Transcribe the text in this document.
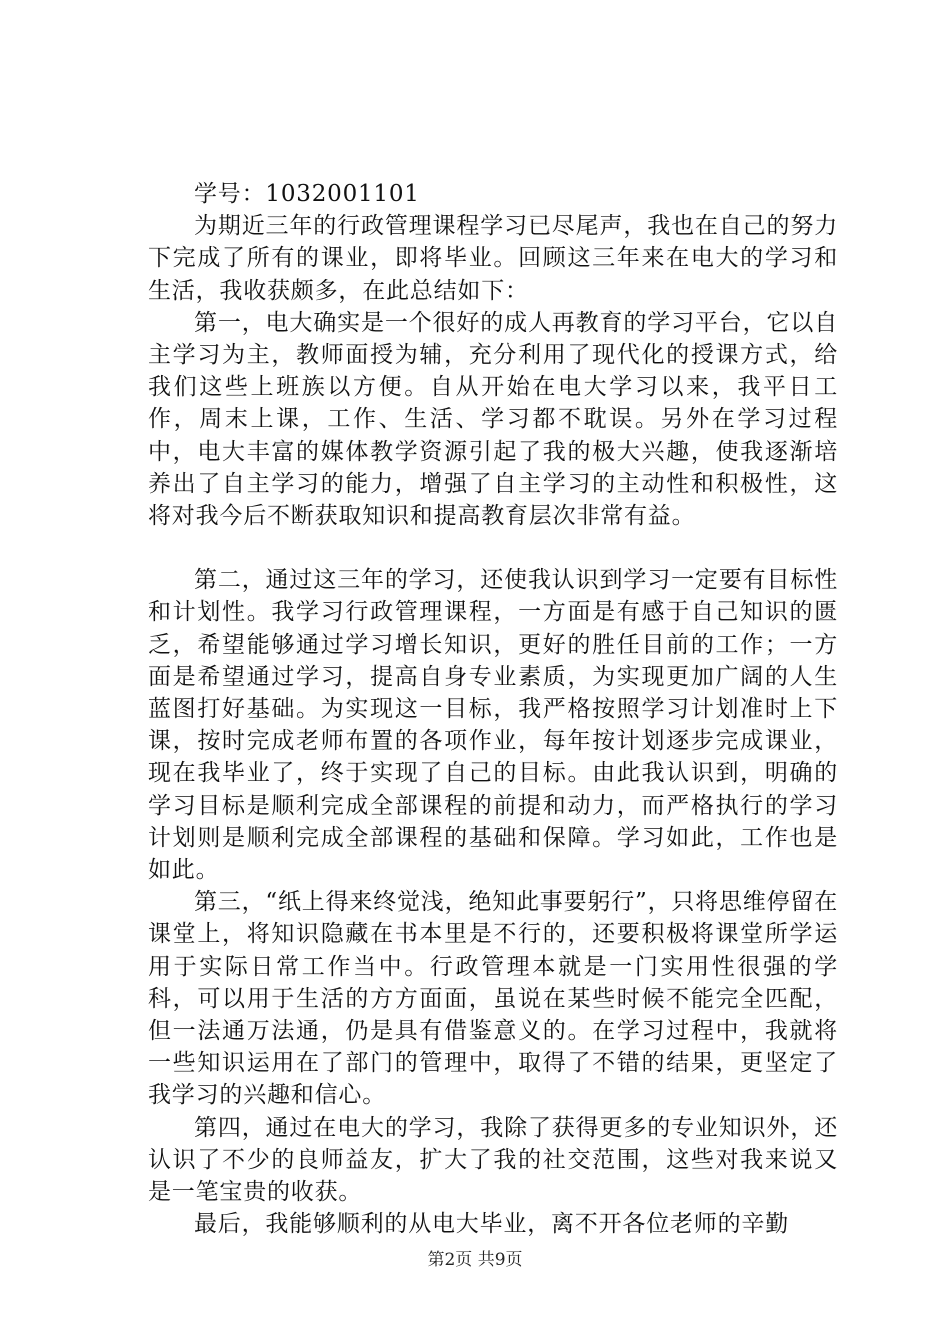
学号：1032001101

为期近三年的行政管理课程学习已尽尾声，我也在自己的努力下完成了所有的课业，即将毕业。回顾这三年来在电大的学习和生活，我收获颇多，在此总结如下：

第一，电大确实是一个很好的成人再教育的学习平台，它以自主学习为主，教师面授为辅，充分利用了现代化的授课方式，给我们这些上班族以方便。自从开始在电大学习以来，我平日工作，周末上课，工作、生活、学习都不耽误。另外在学习过程中，电大丰富的媒体教学资源引起了我的极大兴趣，使我逐渐培养出了自主学习的能力，增强了自主学习的主动性和积极性，这将对我今后不断获取知识和提高教育层次非常有益。

第二，通过这三年的学习，还使我认识到学习一定要有目标性和计划性。我学习行政管理课程，一方面是有感于自己知识的匮乏，希望能够通过学习增长知识，更好的胜任目前的工作；一方面是希望通过学习，提高自身专业素质，为实现更加广阔的人生蓝图打好基础。为实现这一目标，我严格按照学习计划准时上下课，按时完成老师布置的各项作业，每年按计划逐步完成课业，现在我毕业了，终于实现了自己的目标。由此我认识到，明确的学习目标是顺利完成全部课程的前提和动力，而严格执行的学习计划则是顺利完成全部课程的基础和保障。学习如此，工作也是如此。

第三，“纸上得来终觉浅，绝知此事要躬行”，只将思维停留在课堂上，将知识隐藏在书本里是不行的，还要积极将课堂所学运用于实际日常工作当中。行政管理本就是一门实用性很强的学科，可以用于生活的方方面面，虽说在某些时候不能完全匹配，但一法通万法通，仍是具有借鉴意义的。在学习过程中，我就将一些知识运用在了部门的管理中，取得了不错的结果，更坚定了我学习的兴趣和信心。

第四，通过在电大的学习，我除了获得更多的专业知识外，还认识了不少的良师益友，扩大了我的社交范围，这些对我来说又是一笔宝贵的收获。

最后，我能够顺利的从电大毕业，离不开各位老师的辛勤

第2页 共9页
